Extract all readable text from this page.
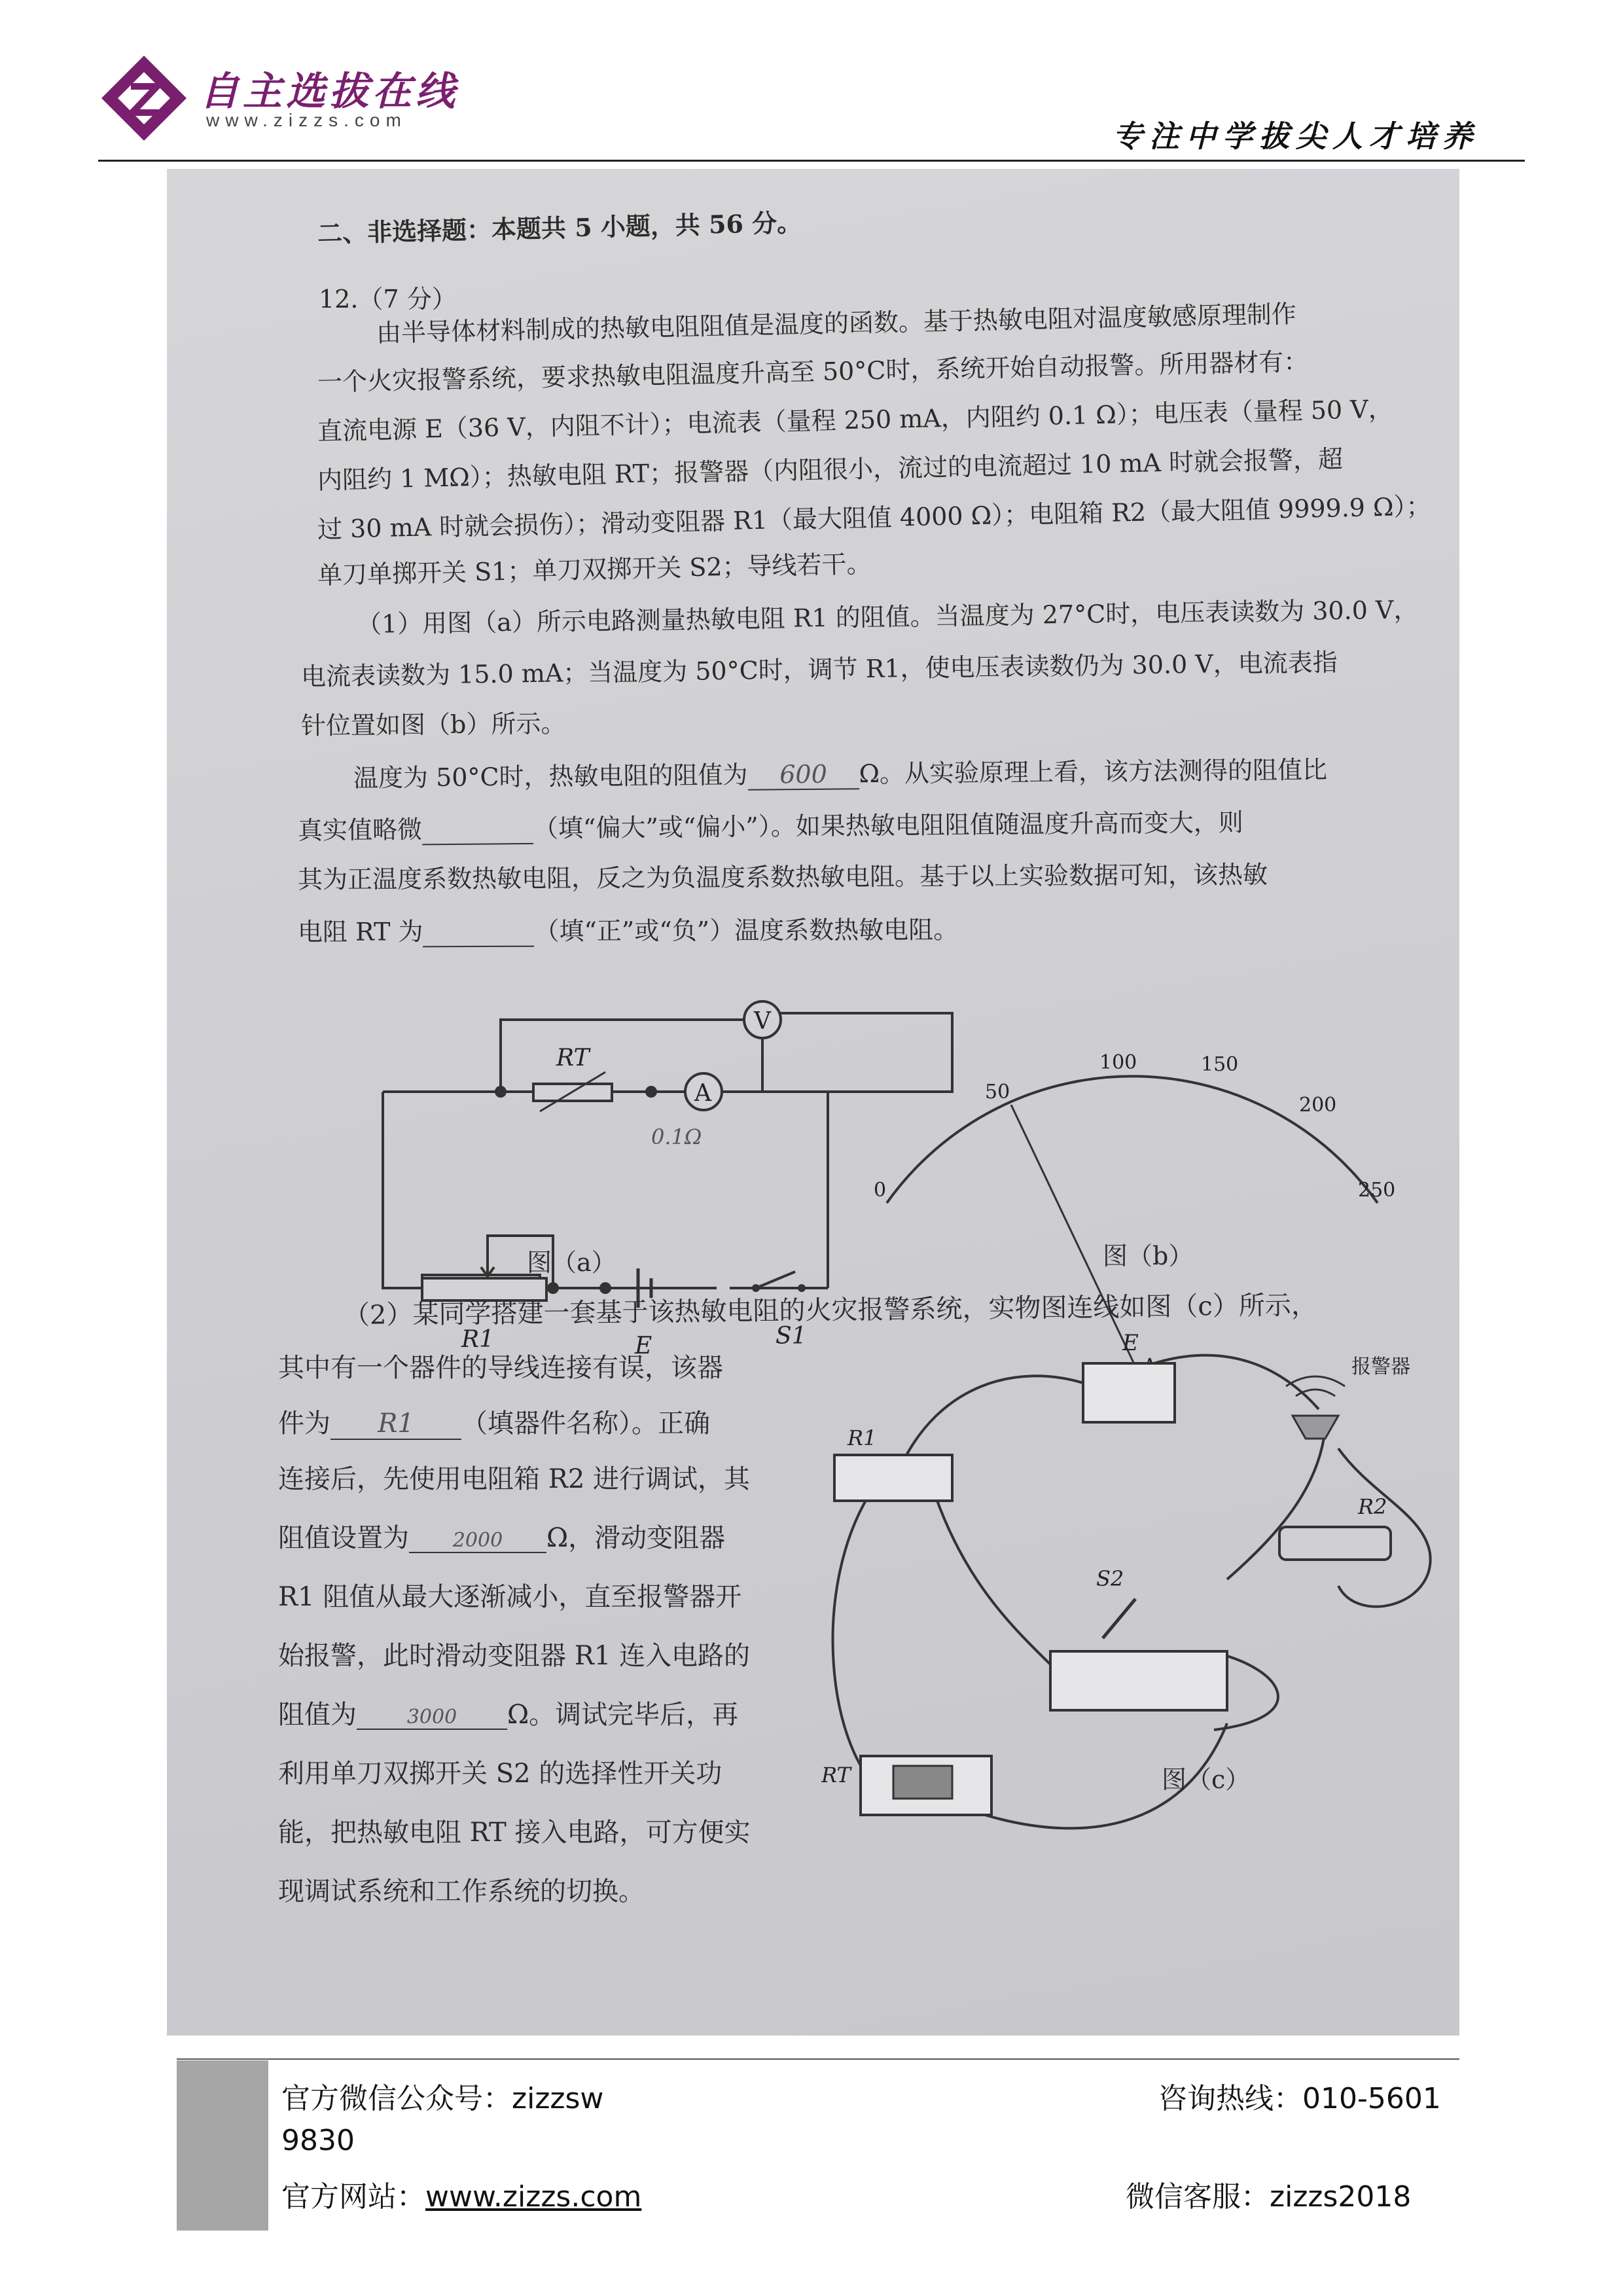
自主选拔在线
www.zizzs.com	专注中学拔尖人才培养
二、非选择题：本题共 5 小题，共 56 分。
12.（7 分）
由半导体材料制成的热敏电阻阻值是温度的函数。基于热敏电阻对温度敏感原理制作
一个火灾报警系统，要求热敏电阻温度升高至 50°C时，系统开始自动报警。所用器材有：
直流电源 E（36 V，内阻不计）；电流表（量程 250 mA，内阻约 0.1 Ω）；电压表（量程 50 V，
内阻约 1 MΩ）；热敏电阻 RT；报警器（内阻很小，流过的电流超过 10 mA 时就会报警，超
过 30 mA 时就会损伤）；滑动变阻器 R1（最大阻值 4000 Ω）；电阻箱 R2（最大阻值 9999.9 Ω）；
单刀单掷开关 S1；单刀双掷开关 S2；导线若干。
（1）用图（a）所示电路测量热敏电阻 R1 的阻值。当温度为 27°C时，电压表读数为 30.0 V，
电流表读数为 15.0 mA；当温度为 50°C时，调节 R1，使电压表读数仍为 30.0 V，电流表指
针位置如图（b）所示。
温度为 50°C时，热敏电阻的阻值为 600 Ω。从实验原理上看，该方法测得的阻值比
真实值略微	（填“偏大”或“偏小”）。如果热敏电阻阻值随温度升高而变大，则
其为正温度系数热敏电阻，反之为负温度系数热敏电阻。基于以上实验数据可知，该热敏
电阻 RT 为	（填“正”或“负”）温度系数热敏电阻。
V
RT
A
0.1Ω
R1	E	S1
图（a）
0
50
100	150
200
250
图（b）
（2）某同学搭建一套基于该热敏电阻的火灾报警系统，实物图连线如图（c）所示，
其中有一个器件的导线连接有误，该器
件为 R1 （填器件名称）。正确
连接后，先使用电阻箱 R2 进行调试，其
阻值设置为 2000 Ω，滑动变阻器
R1 阻值从最大逐渐减小，直至报警器开
始报警，此时滑动变阻器 R1 连入电路的
阻值为	3000 Ω。调试完毕后，再
利用单刀双掷开关 S2 的选择性开关功
能，把热敏电阻 RT 接入电路，可方便实
现调试系统和工作系统的切换。
E
报警器
R1
R2
S2
RT	图（c）
官方微信公众号：zizzsw
9830
咨询热线：010-5601
官方网站：www.zizzs.com	微信客服：zizzs2018
